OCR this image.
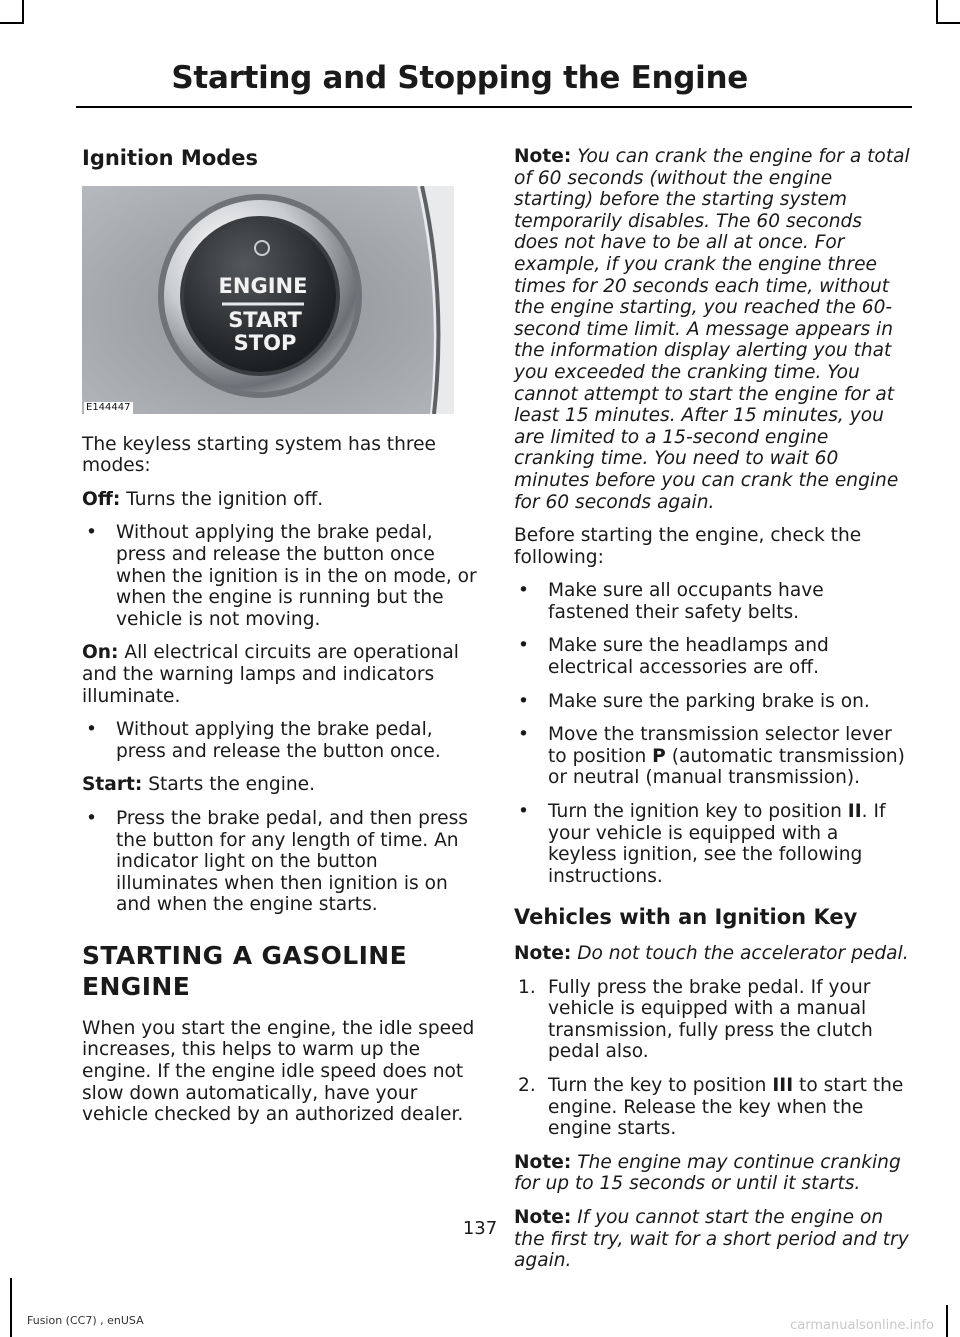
Starting and Stopping the Engine

Ignition Modes

ENGINE
START
STOP
E144447

The keyless starting system has three modes:

Off: Turns the ignition off.

• Without applying the brake pedal, press and release the button once when the ignition is in the on mode, or when the engine is running but the vehicle is not moving.

On: All electrical circuits are operational and the warning lamps and indicators illuminate.

• Without applying the brake pedal, press and release the button once.

Start: Starts the engine.

• Press the brake pedal, and then press the button for any length of time. An indicator light on the button illuminates when then ignition is on and when the engine starts.

STARTING A GASOLINE

ENGINE

When you start the engine, the idle speed increases, this helps to warm up the engine. If the engine idle speed does not slow down automatically, have your vehicle checked by an authorized dealer.

Note: You can crank the engine for a total of 60 seconds (without the engine starting) before the starting system temporarily disables. The 60 seconds does not have to be all at once. For example, if you crank the engine three times for 20 seconds each time, without the engine starting, you reached the 60-second time limit. A message appears in the information display alerting you that you exceeded the cranking time. You cannot attempt to start the engine for at least 15 minutes. After 15 minutes, you are limited to a 15-second engine cranking time. You need to wait 60 minutes before you can crank the engine for 60 seconds again.

Before starting the engine, check the following:

• Make sure all occupants have fastened their safety belts.
• Make sure the headlamps and electrical accessories are off.
• Make sure the parking brake is on.
• Move the transmission selector lever to position P (automatic transmission) or neutral (manual transmission).
• Turn the ignition key to position II. If your vehicle is equipped with a keyless ignition, see the following instructions.

Vehicles with an Ignition Key

Note: Do not touch the accelerator pedal.

1. Fully press the brake pedal. If your vehicle is equipped with a manual transmission, fully press the clutch pedal also.
2. Turn the key to position III to start the engine. Release the key when the engine starts.

Note: The engine may continue cranking for up to 15 seconds or until it starts.

Note: If you cannot start the engine on the first try, wait for a short period and try again.

137
Fusion (CC7) , enUSA	carmanualsonline.info
